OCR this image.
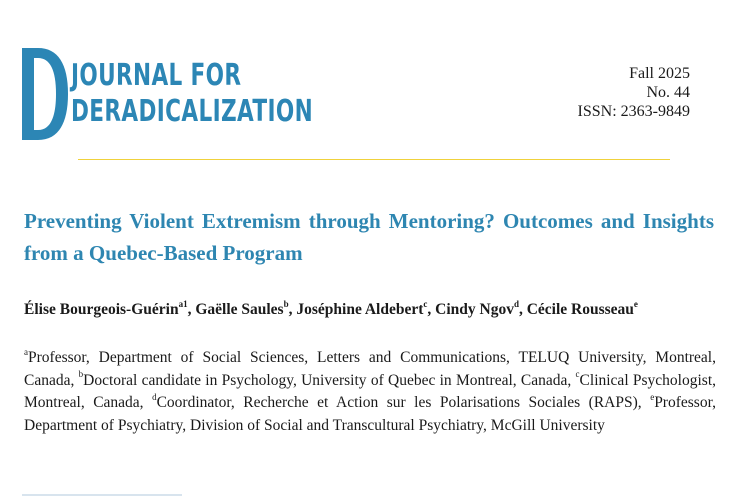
JOURNAL FOR
DERADICALIZATION
Fall 2025
No. 44
ISSN: 2363-9849
Preventing Violent Extremism through Mentoring? Outcomes and Insights from a Quebec-Based Program

Élise Bourgeois-Guérin$^{a1}$, Gaëlle Saules$^b$, Joséphine Aldebert$^c$, Cindy Ngov$^d$, Cécile Rousseau$^e$

$^a$Professor, Department of Social Sciences, Letters and Communications, TELUQ University, Montreal, Canada, $^b$Doctoral candidate in Psychology, University of Quebec in Montreal, Canada, $^c$Clinical Psychologist, Montreal, Canada, $^d$Coordinator, Recherche et Action sur les Polarisations Sociales (RAPS), $^e$Professor, Department of Psychiatry, Division of Social and Transcultural Psychiatry, McGill University
